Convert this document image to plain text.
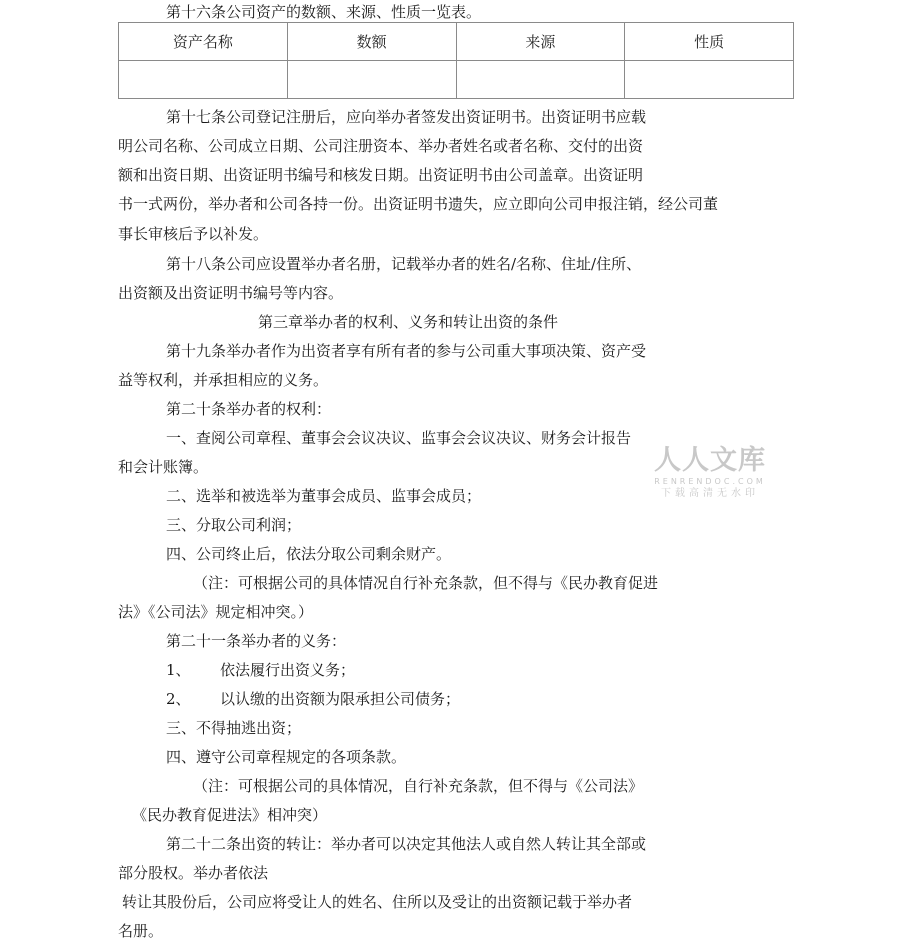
第十六条公司资产的数额、来源、性质一览表。
资产名称	数额	来源	性质

第十七条公司登记注册后，应向举办者签发出资证明书。出资证明书应载
明公司名称、公司成立日期、公司注册资本、举办者姓名或者名称、交付的出资
额和出资日期、出资证明书编号和核发日期。出资证明书由公司盖章。出资证明
书一式两份，举办者和公司各持一份。出资证明书遗失，应立即向公司申报注销，经公司董
事长审核后予以补发。
第十八条公司应设置举办者名册，记载举办者的姓名/名称、住址/住所、
出资额及出资证明书编号等内容。
第三章举办者的权利、义务和转让出资的条件
第十九条举办者作为出资者享有所有者的参与公司重大事项决策、资产受
益等权利，并承担相应的义务。
第二十条举办者的权利：
一、查阅公司章程、董事会会议决议、监事会会议决议、财务会计报告
和会计账簿。
二、选举和被选举为董事会成员、监事会成员；
三、分取公司利润；
四、公司终止后，依法分取公司剩余财产。
（注：可根据公司的具体情况自行补充条款，但不得与《民办教育促进
法》《公司法》规定相冲突。）
第二十一条举办者的义务：
1、 依法履行出资义务；
2、 以认缴的出资额为限承担公司债务；
三、不得抽逃出资；
四、遵守公司章程规定的各项条款。
（注：可根据公司的具体情况，自行补充条款，但不得与《公司法》
《民办教育促进法》相冲突）
第二十二条出资的转让：举办者可以决定其他法人或自然人转让其全部或
部分股权。举办者依法
转让其股份后，公司应将受让人的姓名、住所以及受让的出资额记载于举办者
名册。
人人文库
RENRENDOC.COM
下载高清无水印
